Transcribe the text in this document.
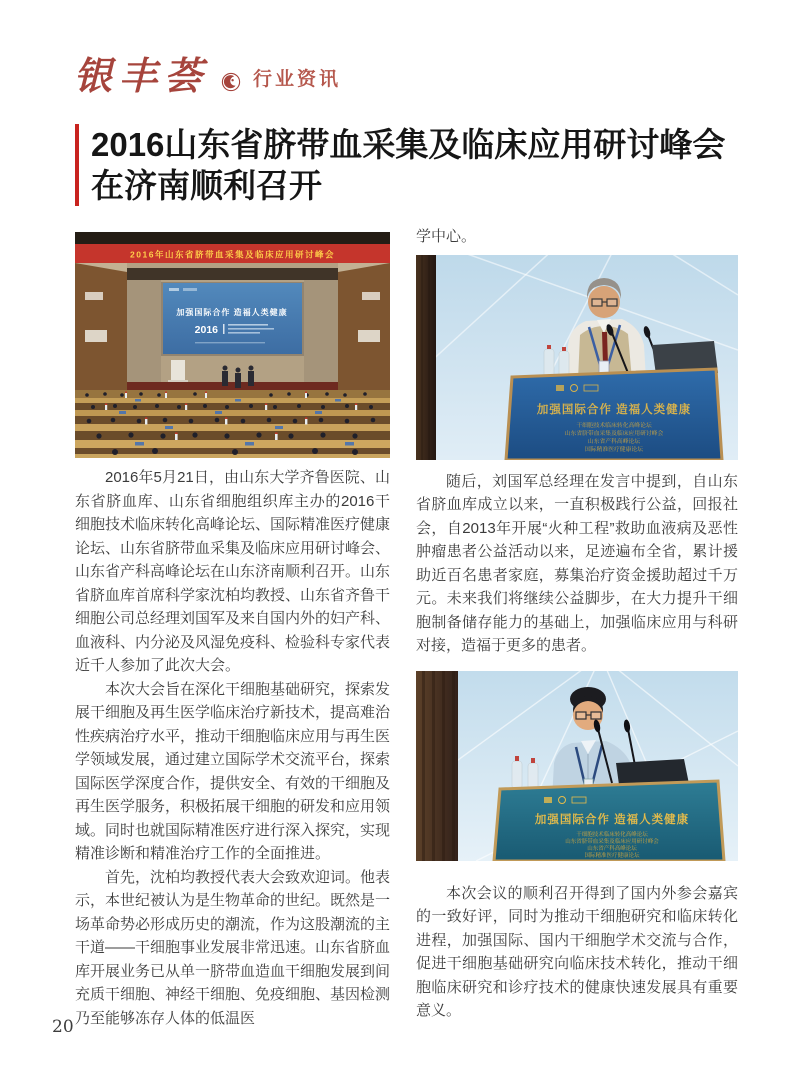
银丰荟 行业资讯
2016山东省脐带血采集及临床应用研讨峰会
在济南顺利召开
2016年山东省脐带血采集及临床应用研讨峰会
加强国际合作 造福人类健康
2016

2016年5月21日，由山东大学齐鲁医院、山东省脐血库、山东省细胞组织库主办的2016干细胞技术临床转化高峰论坛、国际精准医疗健康论坛、山东省脐带血采集及临床应用研讨峰会、山东省产科高峰论坛在山东济南顺利召开。山东省脐血库首席科学家沈柏均教授、山东省齐鲁干细胞公司总经理刘国军及来自国内外的妇产科、血液科、内分泌及风湿免疫科、检验科专家代表近千人参加了此次大会。

本次大会旨在深化干细胞基础研究，探索发展干细胞及再生医学临床治疗新技术，提高难治性疾病治疗水平，推动干细胞临床应用与再生医学领域发展，通过建立国际学术交流平台，探索国际医学深度合作，提供安全、有效的干细胞及再生医学服务，积极拓展干细胞的研发和应用领域。同时也就国际精准医疗进行深入探究，实现精准诊断和精准治疗工作的全面推进。

首先，沈柏均教授代表大会致欢迎词。他表示，本世纪被认为是生物革命的世纪。既然是一场革命势必形成历史的潮流，作为这股潮流的主干道——干细胞事业发展非常迅速。山东省脐血库开展业务已从单一脐带血造血干细胞发展到间充质干细胞、神经干细胞、免疫细胞、基因检测乃至能够冻存人体的低温医

学中心。

加强国际合作 造福人类健康
干细胞技术临床转化高峰论坛
山东省脐带血采集及临床应用研讨峰会
山东省产科高峰论坛
国际精准医疗健康论坛

随后，刘国军总经理在发言中提到，自山东省脐血库成立以来，一直积极践行公益，回报社会，自2013年开展“火种工程”救助血液病及恶性肿瘤患者公益活动以来，足迹遍布全省，累计援助近百名患者家庭，募集治疗资金援助超过千万元。未来我们将继续公益脚步，在大力提升干细胞制备储存能力的基础上，加强临床应用与科研对接，造福于更多的患者。

加强国际合作 造福人类健康
干细胞技术临床转化高峰论坛
山东省脐带血采集及临床应用研讨峰会
山东省产科高峰论坛
国际精准医疗健康论坛

本次会议的顺利召开得到了国内外参会嘉宾的一致好评，同时为推动干细胞研究和临床转化进程，加强国际、国内干细胞学术交流与合作，促进干细胞基础研究向临床技术转化，推动干细胞临床研究和诊疗技术的健康快速发展具有重要意义。

20
